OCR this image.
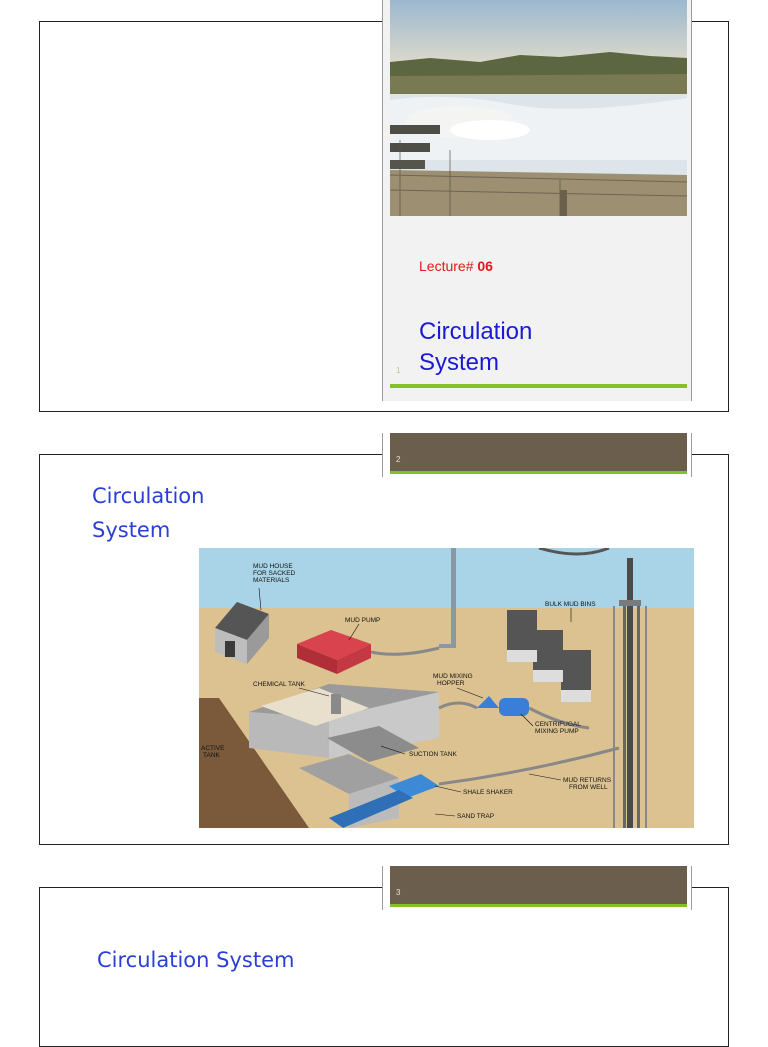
Lecture# 06
Circulation
System
1
2
Circulation
System
MUD HOUSE FOR SACKED MATERIALS
MUD PUMP
BULK MUD BINS
CHEMICAL TANK
MUD MIXING HOPPER
CENTRIFUGAL MIXING PUMP
ACTIVE TANK	SUCTION TANK
MUD RETURNS FROM WELL
SHALE SHAKER
SAND TRAP
3
Circulation System
